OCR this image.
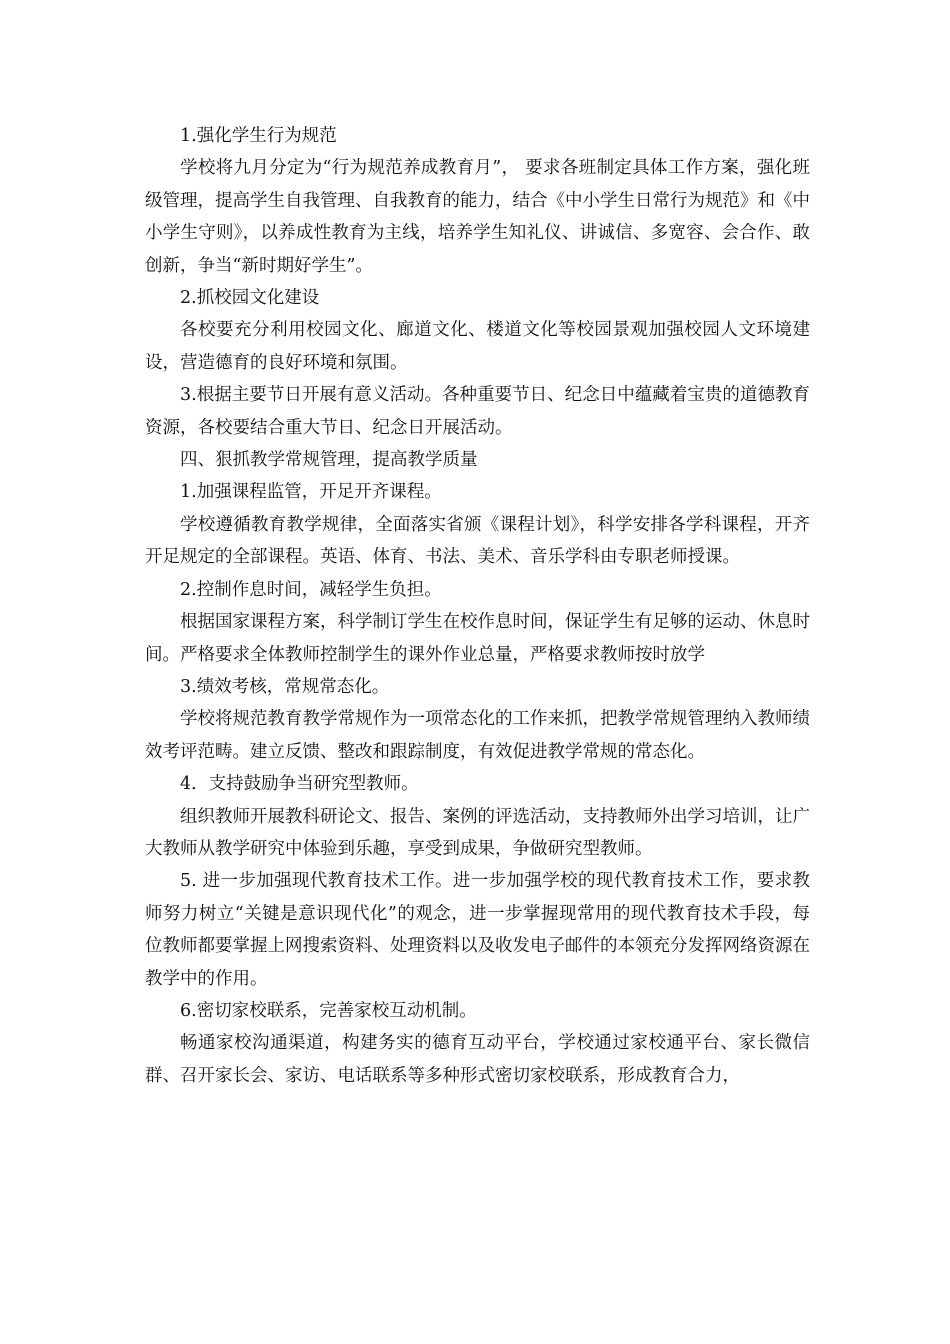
1.强化学生行为规范

学校将九月分定为“行为规范养成教育月”， 要求各班制定具体工作方案，强化班级管理，提高学生自我管理、自我教育的能力，结合《中小学生日常行为规范》和《中小学生守则》，以养成性教育为主线，培养学生知礼仪、讲诚信、多宽容、会合作、敢创新，争当“新时期好学生”。

2.抓校园文化建设

各校要充分利用校园文化、廊道文化、楼道文化等校园景观加强校园人文环境建设，营造德育的良好环境和氛围。

3.根据主要节日开展有意义活动。各种重要节日、纪念日中蕴藏着宝贵的道德教育资源，各校要结合重大节日、纪念日开展活动。

四、狠抓教学常规管理，提高教学质量

1.加强课程监管，开足开齐课程。

学校遵循教育教学规律，全面落实省颁《课程计划》，科学安排各学科课程，开齐开足规定的全部课程。英语、体育、书法、美术、音乐学科由专职老师授课。

2.控制作息时间，减轻学生负担。

根据国家课程方案，科学制订学生在校作息时间，保证学生有足够的运动、休息时间。严格要求全体教师控制学生的课外作业总量，严格要求教师按时放学

3.绩效考核，常规常态化。

学校将规范教育教学常规作为一项常态化的工作来抓，把教学常规管理纳入教师绩效考评范畴。建立反馈、整改和跟踪制度，有效促进教学常规的常态化。

4．支持鼓励争当研究型教师。

组织教师开展教科研论文、报告、案例的评选活动，支持教师外出学习培训，让广大教师从教学研究中体验到乐趣，享受到成果，争做研究型教师。

5. 进一步加强现代教育技术工作。进一步加强学校的现代教育技术工作，要求教师努力树立“关键是意识现代化”的观念，进一步掌握现常用的现代教育技术手段，每位教师都要掌握上网搜索资料、处理资料以及收发电子邮件的本领充分发挥网络资源在教学中的作用。

6.密切家校联系，完善家校互动机制。

畅通家校沟通渠道，构建务实的德育互动平台，学校通过家校通平台、家长微信群、召开家长会、家访、电话联系等多种形式密切家校联系，形成教育合力，
